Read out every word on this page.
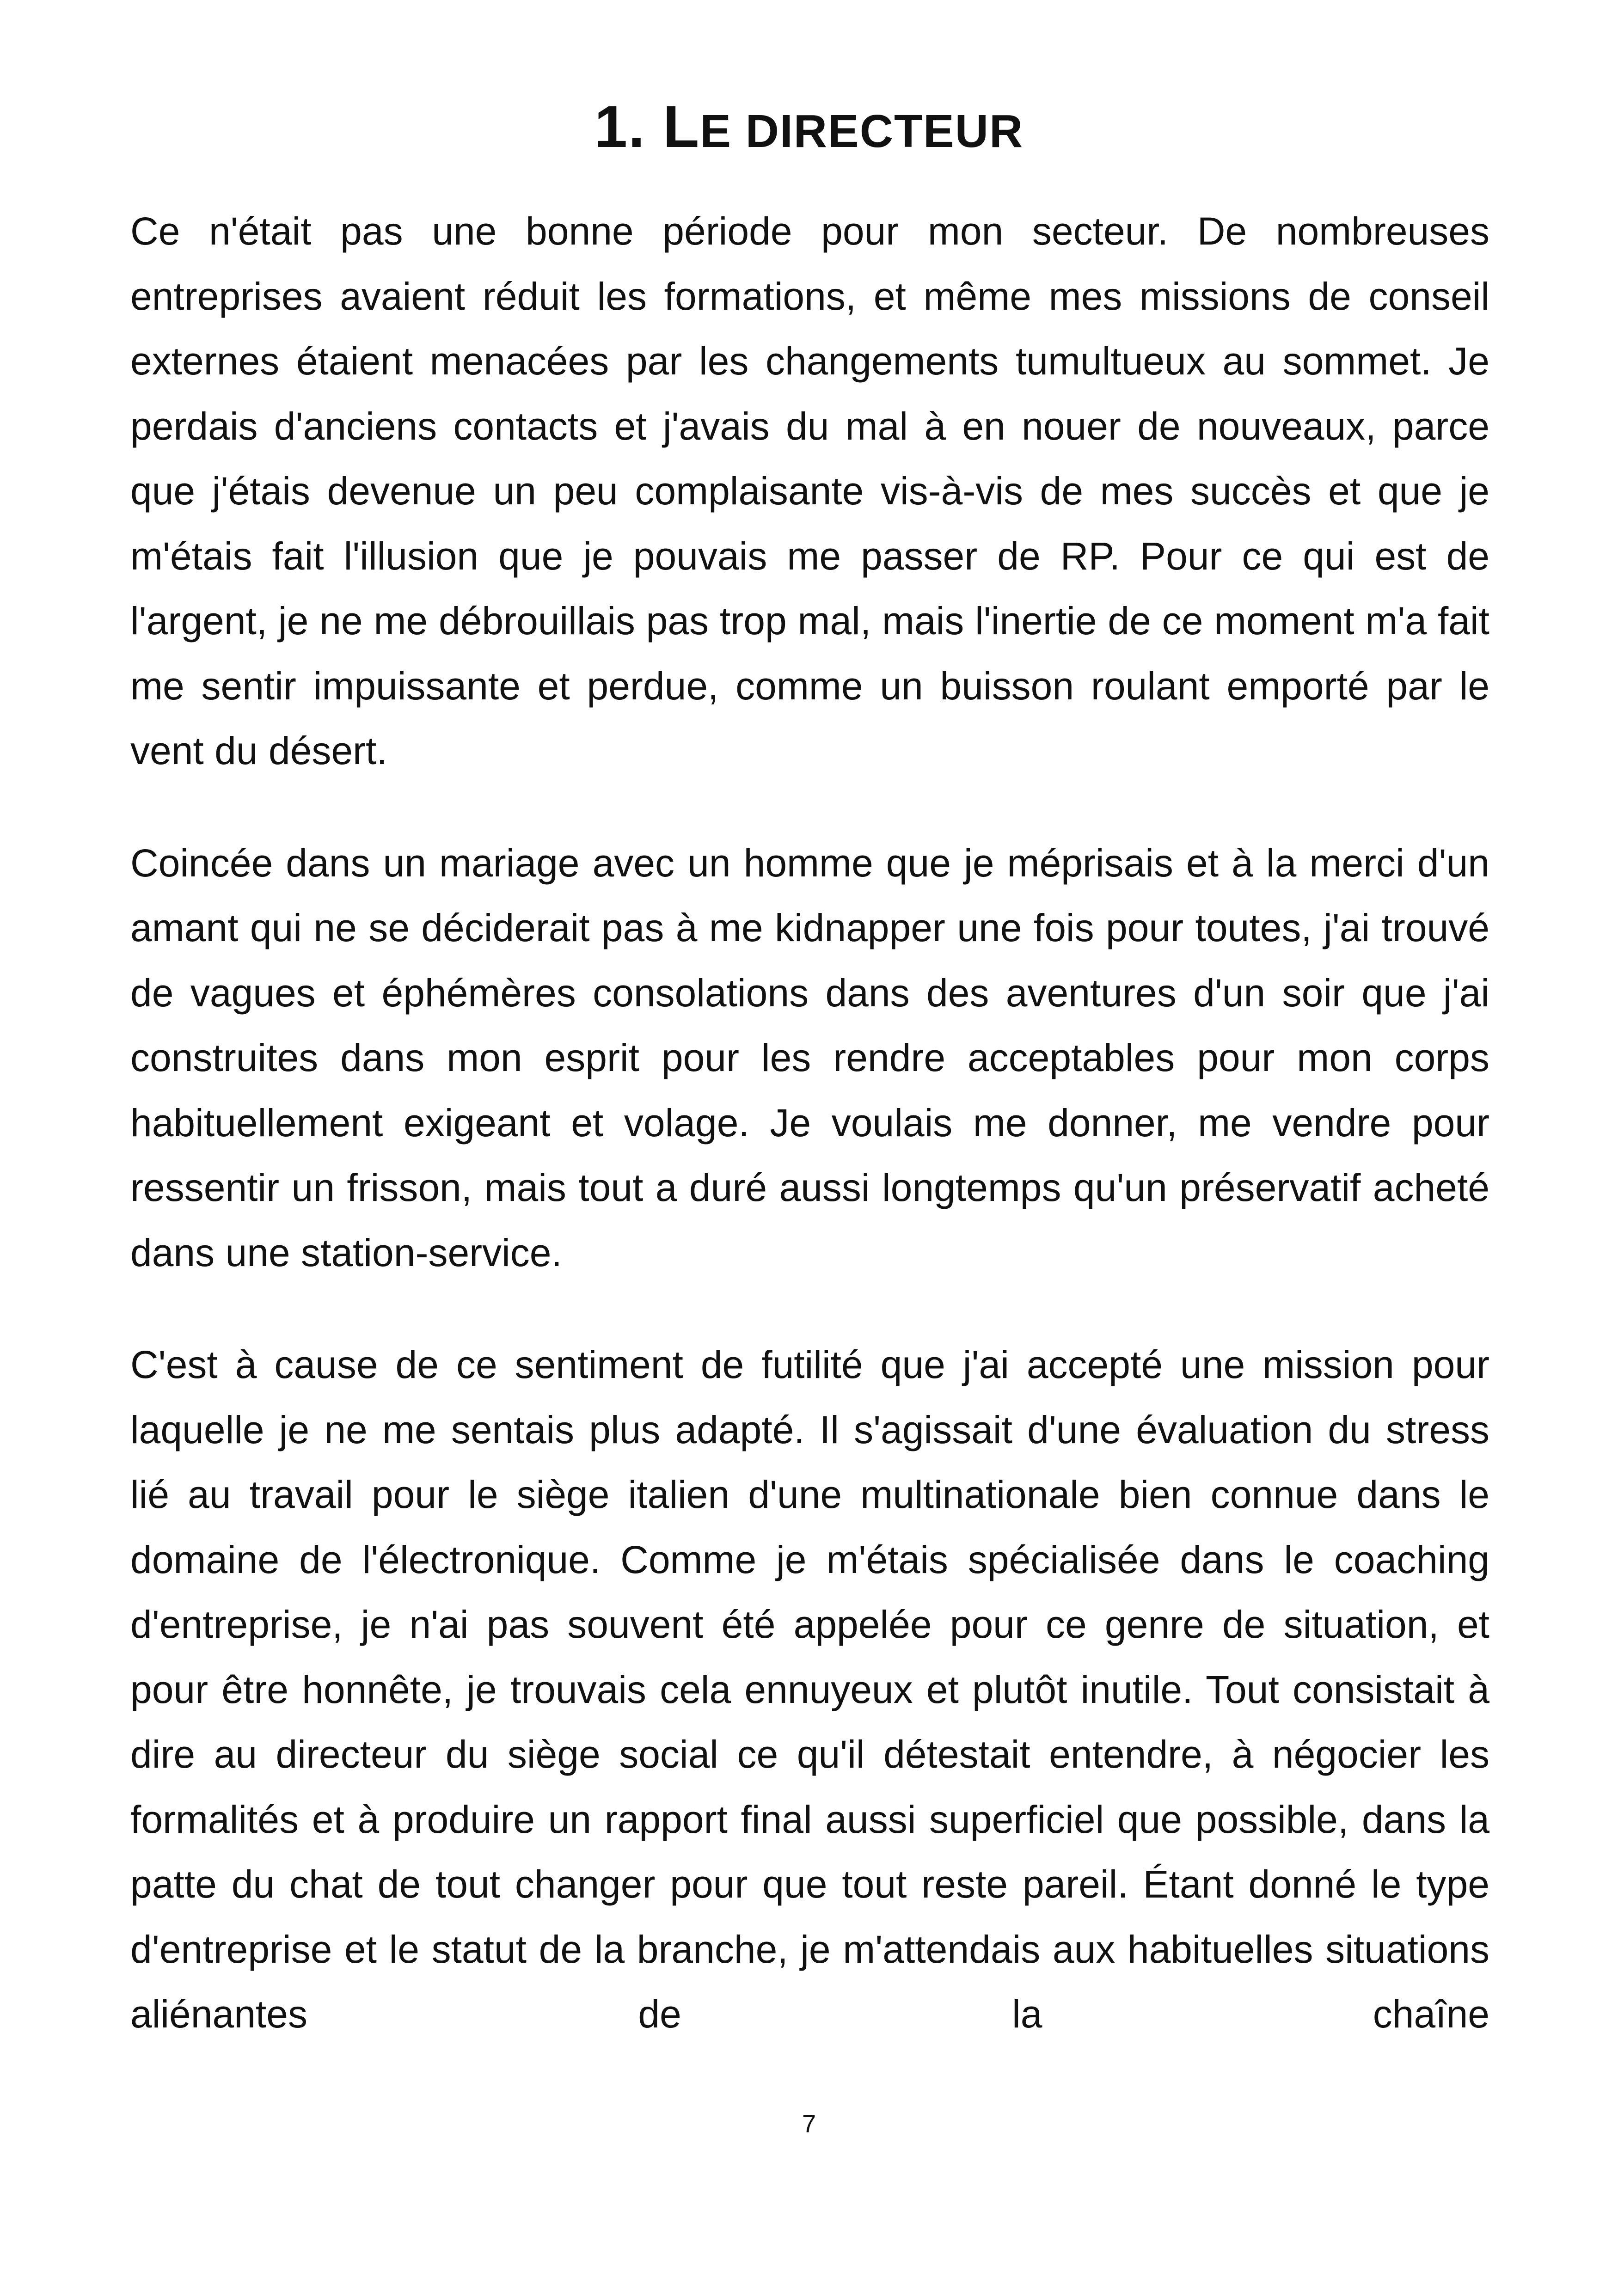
1. LE DIRECTEUR

Ce n'était pas une bonne période pour mon secteur. De nombreuses entreprises avaient réduit les formations, et même mes missions de conseil externes étaient menacées par les changements tumultueux au sommet. Je perdais d'anciens contacts et j'avais du mal à en nouer de nouveaux, parce que j'étais devenue un peu complaisante vis-à-vis de mes succès et que je m'étais fait l'illusion que je pouvais me passer de RP. Pour ce qui est de l'argent, je ne me débrouillais pas trop mal, mais l'inertie de ce moment m'a fait me sentir impuissante et perdue, comme un buisson roulant emporté par le vent du désert.

Coincée dans un mariage avec un homme que je méprisais et à la merci d'un amant qui ne se déciderait pas à me kidnapper une fois pour toutes, j'ai trouvé de vagues et éphémères consolations dans des aventures d'un soir que j'ai construites dans mon esprit pour les rendre acceptables pour mon corps habituellement exigeant et volage. Je voulais me donner, me vendre pour ressentir un frisson, mais tout a duré aussi longtemps qu'un préservatif acheté dans une station-service.

C'est à cause de ce sentiment de futilité que j'ai accepté une mission pour laquelle je ne me sentais plus adapté. Il s'agissait d'une évaluation du stress lié au travail pour le siège italien d'une multinationale bien connue dans le domaine de l'électronique. Comme je m'étais spécialisée dans le coaching d'entreprise, je n'ai pas souvent été appelée pour ce genre de situation, et pour être honnête, je trouvais cela ennuyeux et plutôt inutile. Tout consistait à dire au directeur du siège social ce qu'il détestait entendre, à négocier les formalités et à produire un rapport final aussi superficiel que possible, dans la patte du chat de tout changer pour que tout reste pareil. Étant donné le type d'entreprise et le statut de la branche, je m'attendais aux habituelles situations aliénantes de la chaîne

7
